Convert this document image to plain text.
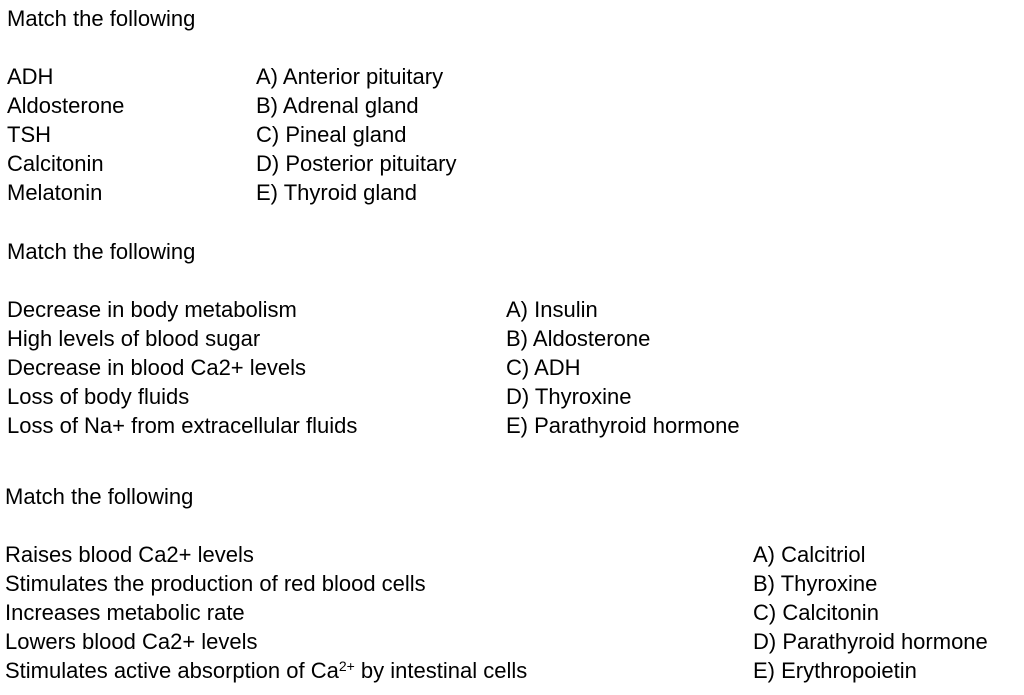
Match the following
ADH
Aldosterone
TSH
Calcitonin
Melatonin
A) Anterior pituitary
B) Adrenal gland
C) Pineal gland
D) Posterior pituitary
E) Thyroid gland
Match the following
Decrease in body metabolism
High levels of blood sugar
Decrease in blood Ca2+ levels
Loss of body fluids
Loss of Na+ from extracellular fluids
A) Insulin
B) Aldosterone
C) ADH
D) Thyroxine
E) Parathyroid hormone
Match the following
Raises blood Ca2+ levels
Stimulates the production of red blood cells
Increases metabolic rate
Lowers blood Ca2+ levels
Stimulates active absorption of $Ca^{2+}$ by intestinal cells
A) Calcitriol
B) Thyroxine
C) Calcitonin
D) Parathyroid hormone
E) Erythropoietin
